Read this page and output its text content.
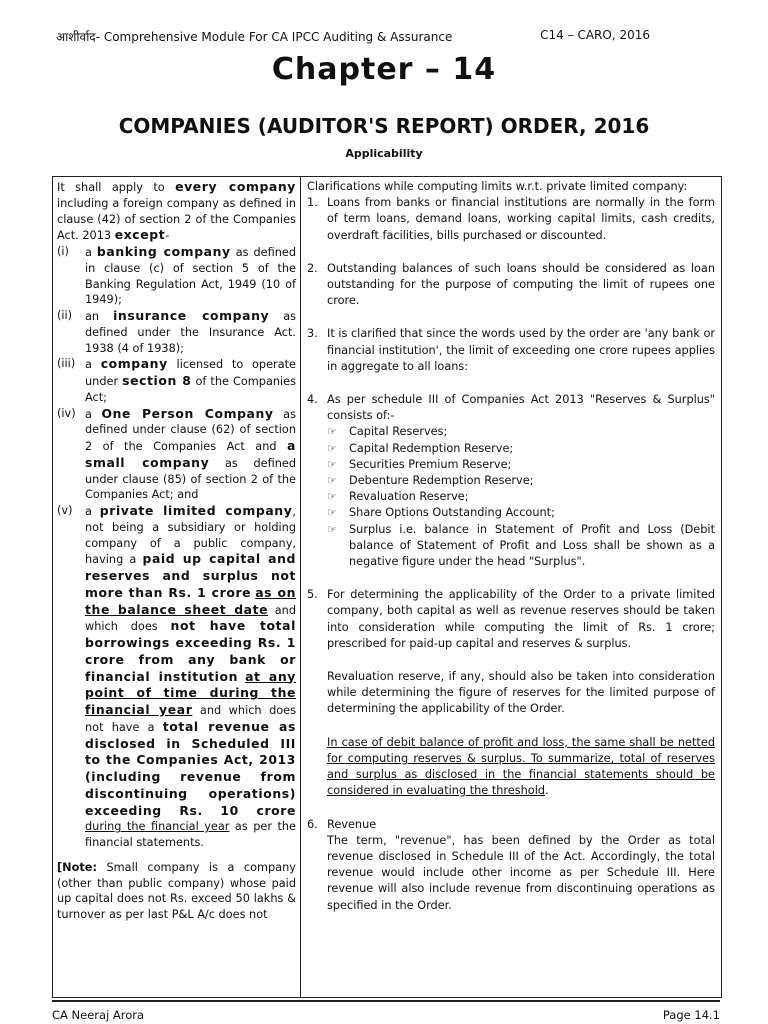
आशीर्वाद- Comprehensive Module For CA IPCC Auditing & Assurance	C14 – CARO, 2016
Chapter – 14
COMPANIES (AUDITOR'S REPORT) ORDER, 2016
Applicability
It shall apply to every company including a foreign company as defined in clause (42) of section 2 of the Companies Act. 2013 except-
(i)	a banking company as defined in clause (c) of section 5 of the Banking Regulation Act, 1949 (10 of 1949);
(ii)	an insurance company as defined under the Insurance Act. 1938 (4 of 1938);
(iii) a company licensed to operate under section 8 of the Companies Act;
(iv) a One Person Company as defined under clause (62) of section 2 of the Companies Act and a small company as defined under clause (85) of section 2 of the Companies Act; and
(v)	a private limited company, not being a subsidiary or holding company of a public company, having a paid up capital and reserves and surplus not more than Rs. 1 crore as on the balance sheet date and which does not have total borrowings exceeding Rs. 1 crore from any bank or financial institution at any point of time during the financial year and which does not have a total revenue as disclosed in Scheduled III to the Companies Act, 2013 (including revenue from discontinuing operations) exceeding Rs. 10 crore during the financial year as per the financial statements.
[Note: Small company is a company (other than public company) whose paid up capital does not Rs. exceed 50 lakhs & turnover as per last P&L A/c does not
Clarifications while computing limits w.r.t. private limited company:
1. Loans from banks or financial institutions are normally in the form of term loans, demand loans, working capital limits, cash credits, overdraft facilities, bills purchased or discounted.
2. Outstanding balances of such loans should be considered as loan outstanding for the purpose of computing the limit of rupees one crore.
3. It is clarified that since the words used by the order are 'any bank or financial institution', the limit of exceeding one crore rupees applies in aggregate to all loans:
4. As per schedule III of Companies Act 2013 "Reserves & Surplus" consists of:-
☞	Capital Reserves;
☞	Capital Redemption Reserve;
☞	Securities Premium Reserve;
☞	Debenture Redemption Reserve;
☞	Revaluation Reserve;
☞	Share Options Outstanding Account;
☞	Surplus i.e. balance in Statement of Profit and Loss (Debit balance of Statement of Profit and Loss shall be shown as a negative figure under the head "Surplus".
5. For determining the applicability of the Order to a private limited company, both capital as well as revenue reserves should be taken into consideration while computing the limit of Rs. 1 crore; prescribed for paid-up capital and reserves & surplus.
Revaluation reserve, if any, should also be taken into consideration while determining the figure of reserves for the limited purpose of determining the applicability of the Order.
In case of debit balance of profit and loss, the same shall be netted for computing reserves & surplus. To summarize, total of reserves and surplus as disclosed in the financial statements should be considered in evaluating the threshold.
6. Revenue
The term, "revenue", has been defined by the Order as total revenue disclosed in Schedule III of the Act. Accordingly, the total revenue would include other income as per Schedule III. Here revenue will also include revenue from discontinuing operations as specified in the Order.
CA Neeraj Arora	Page 14.1
